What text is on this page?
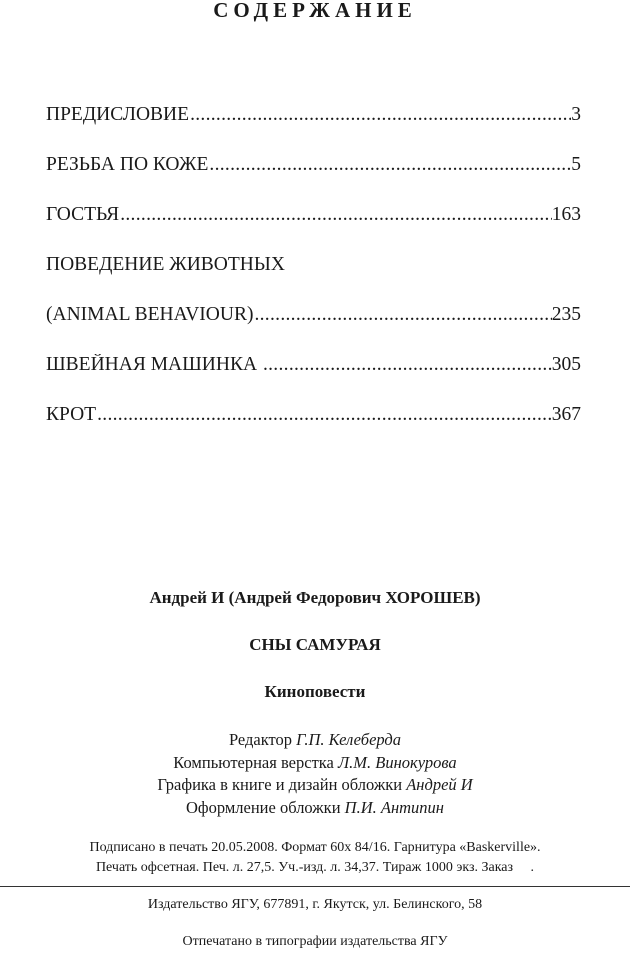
СОДЕРЖАНИЕ
ПРЕДИСЛОВИЕ .....	3
РЕЗЬБА ПО КОЖЕ .....	5
ГОСТЬЯ .....	163
ПОВЕДЕНИЕ ЖИВОТНЫХ
(ANIMAL BEHAVIOUR) .....	235
ШВЕЙНАЯ МАШИНКА .....	305
КРОТ .....	367
Андрей И (Андрей Федорович ХОРОШЕВ)
СНЫ САМУРАЯ
Киноповести
Редактор Г.П. Келеберда
Компьютерная верстка Л.М. Винокурова
Графика в книге и дизайн обложки Андрей И
Оформление обложки П.И. Антипин
Подписано в печать 20.05.2008. Формат 60х 84/16. Гарнитура «Baskerville».
Печать офсетная. Печ. л. 27,5. Уч.-изд. л. 34,37. Тираж 1000 экз. Заказ     .
Издательство ЯГУ, 677891, г. Якутск, ул. Белинского, 58
Отпечатано в типографии издательства ЯГУ
